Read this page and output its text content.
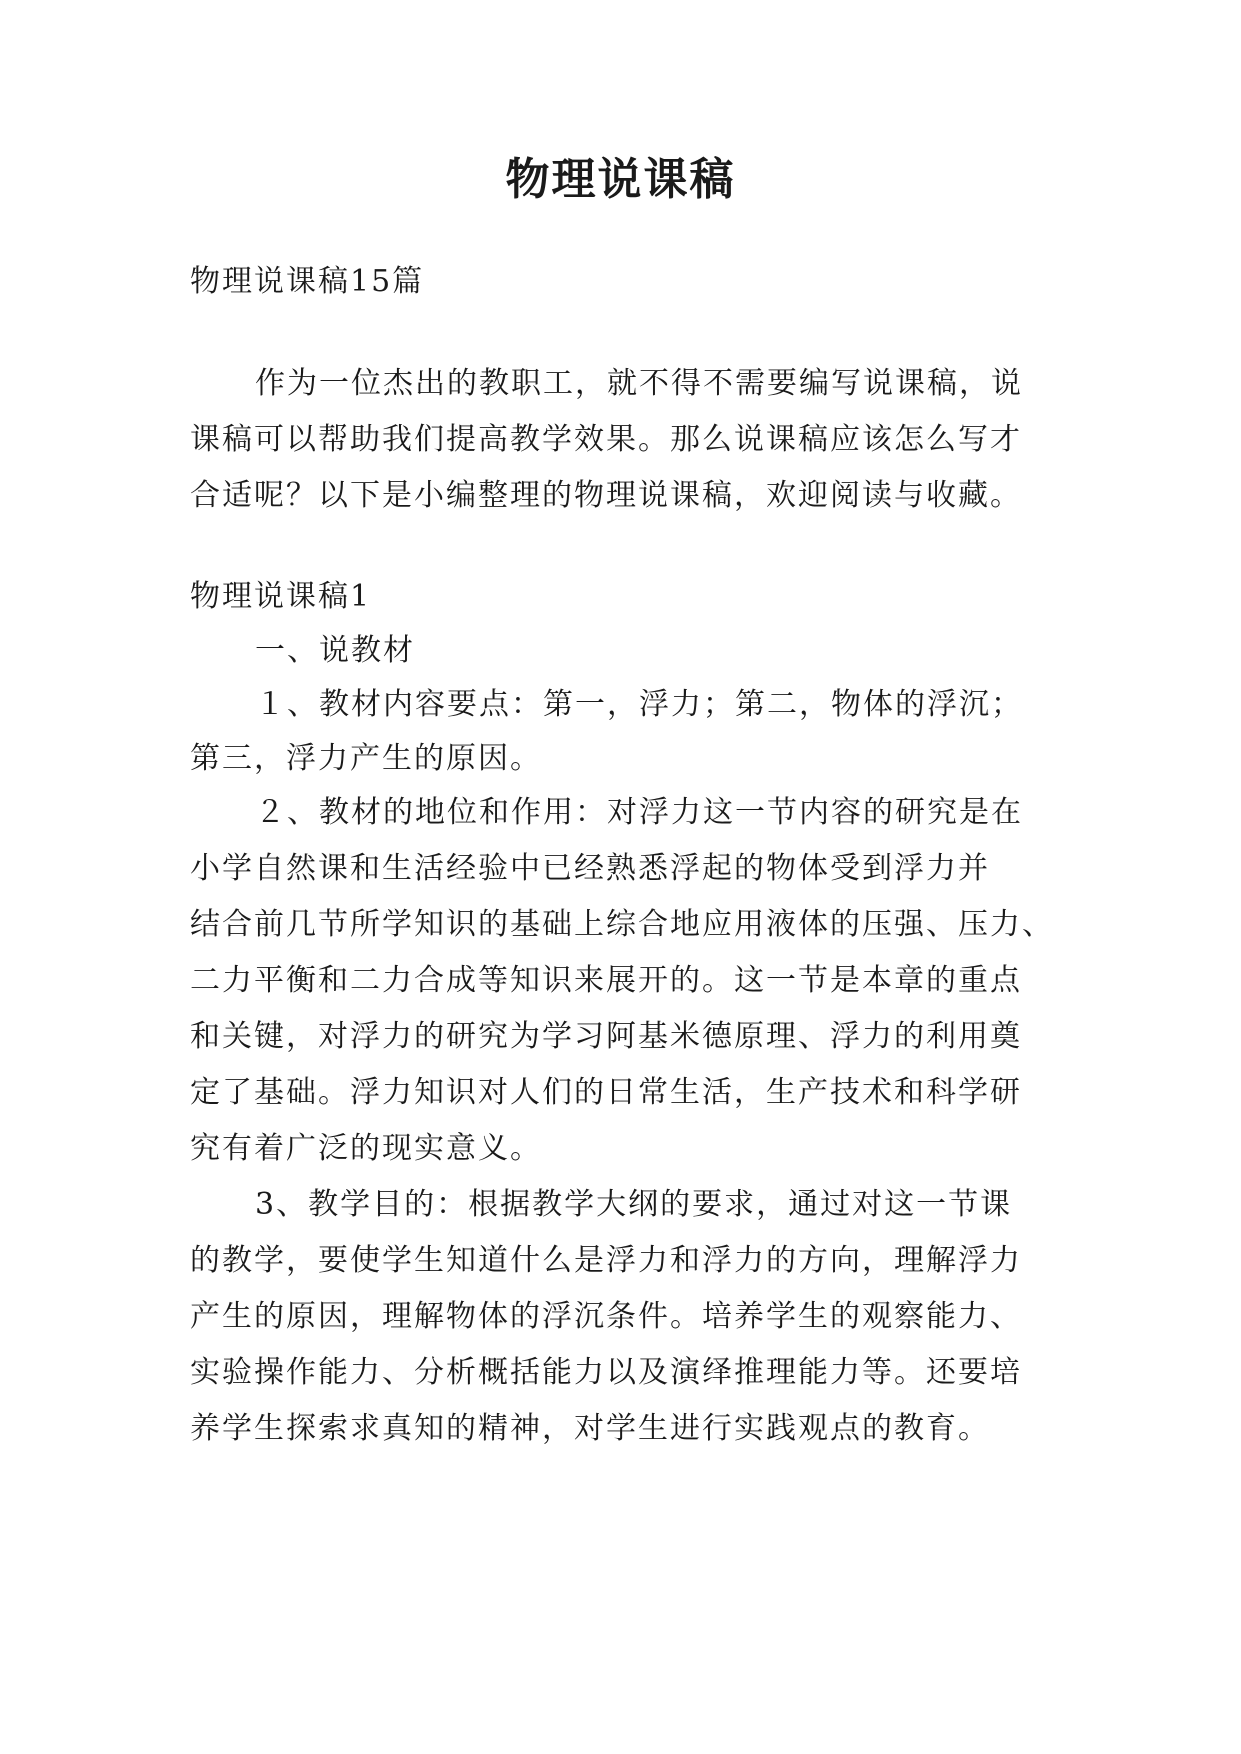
物理说课稿
物理说课稿15篇
作为一位杰出的教职工，就不得不需要编写说课稿，说
课稿可以帮助我们提高教学效果。那么说课稿应该怎么写才
合适呢？以下是小编整理的物理说课稿，欢迎阅读与收藏。
物理说课稿1
一、说教材
１、教材内容要点：第一，浮力；第二，物体的浮沉；
第三，浮力产生的原因。
２、教材的地位和作用：对浮力这一节内容的研究是在
小学自然课和生活经验中已经熟悉浮起的物体受到浮力并
结合前几节所学知识的基础上综合地应用液体的压强、压力、
二力平衡和二力合成等知识来展开的。这一节是本章的重点
和关键，对浮力的研究为学习阿基米德原理、浮力的利用奠
定了基础。浮力知识对人们的日常生活，生产技术和科学研
究有着广泛的现实意义。
3、教学目的：根据教学大纲的要求，通过对这一节课
的教学，要使学生知道什么是浮力和浮力的方向，理解浮力
产生的原因，理解物体的浮沉条件。培养学生的观察能力、
实验操作能力、分析概括能力以及演绎推理能力等。还要培
养学生探索求真知的精神，对学生进行实践观点的教育。
